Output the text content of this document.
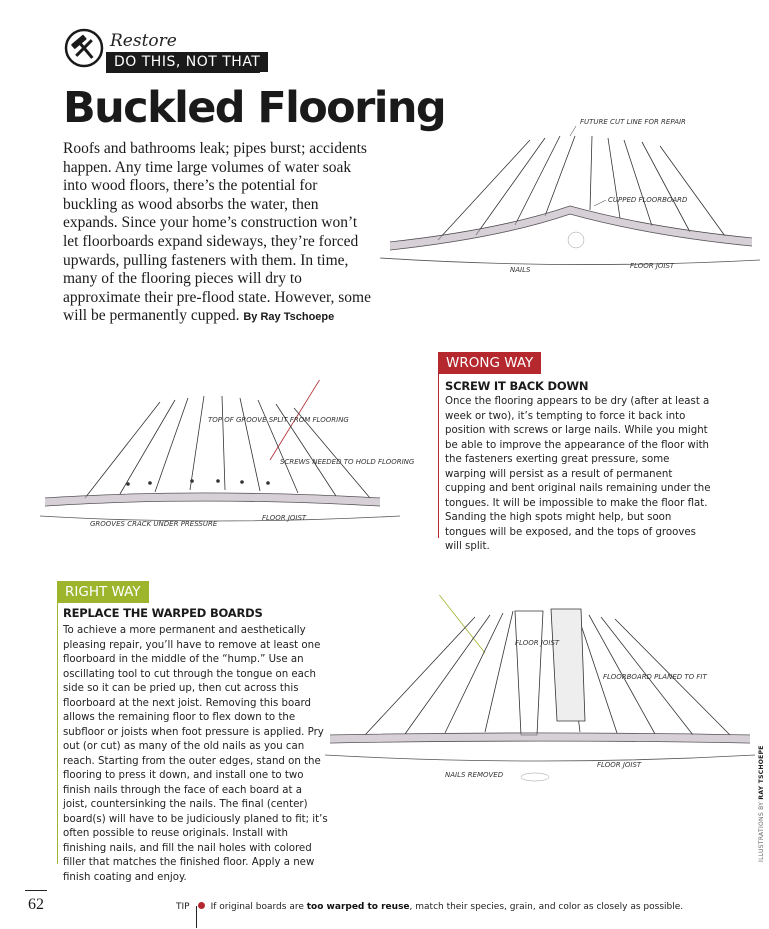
Restore
DO THIS, NOT THAT
Buckled Flooring

Roofs and bathrooms leak; pipes burst; accidents happen. Any time large volumes of water soak into wood floors, there’s the potential for buckling as wood absorbs the water, then expands. Since your home’s construction won’t let floorboards expand sideways, they’re forced upwards, pulling fasteners with them. In time, many of the flooring pieces will dry to approximate their pre-flood state. However, some will be permanently cupped. By Ray Tschoepe

FUTURE CUT LINE FOR REPAIR
CUPPED FLOORBOARD
NAILS	FLOOR JOIST
WRONG WAY
SCREW IT BACK DOWN

Once the flooring appears to be dry (after at least a week or two), it’s tempting to force it back into position with screws or large nails. While you might be able to improve the appearance of the floor with the fasteners exerting great pressure, some warping will persist as a result of permanent cupping and bent original nails remaining under the tongues. It will be impossible to make the floor flat. Sanding the high spots might help, but soon tongues will be exposed, and the tops of grooves will split.

TOP OF GROOVE SPLIT FROM FLOORING
SCREWS NEEDED TO HOLD FLOORING
GROOVES CRACK UNDER PRESSURE
FLOOR JOIST
RIGHT WAY
REPLACE THE WARPED BOARDS

To achieve a more permanent and aesthetically pleasing repair, you’ll have to remove at least one floorboard in the middle of the “hump.” Use an oscillating tool to cut through the tongue on each side so it can be pried up, then cut across this floorboard at the next joist. Removing this board allows the remaining floor to flex down to the subfloor or joists when foot pressure is applied. Pry out (or cut) as many of the old nails as you can reach. Starting from the outer edges, stand on the flooring to press it down, and install one to two finish nails through the face of each board at a joist, countersinking the nails. The final (center) board(s) will have to be judiciously planed to fit; it’s often possible to reuse originals. Install with finishing nails, and fill the nail holes with colored filler that matches the finished floor. Apply a new finish coating and enjoy.

FLOOR JOIST
FLOORBOARD PLANED TO FIT
NAILS REMOVED
FLOOR JOIST
ILLUSTRATIONS BY RAY TSCHOEPE
62	TIP If original boards are too warped to reuse, match their species, grain, and color as closely as possible.
